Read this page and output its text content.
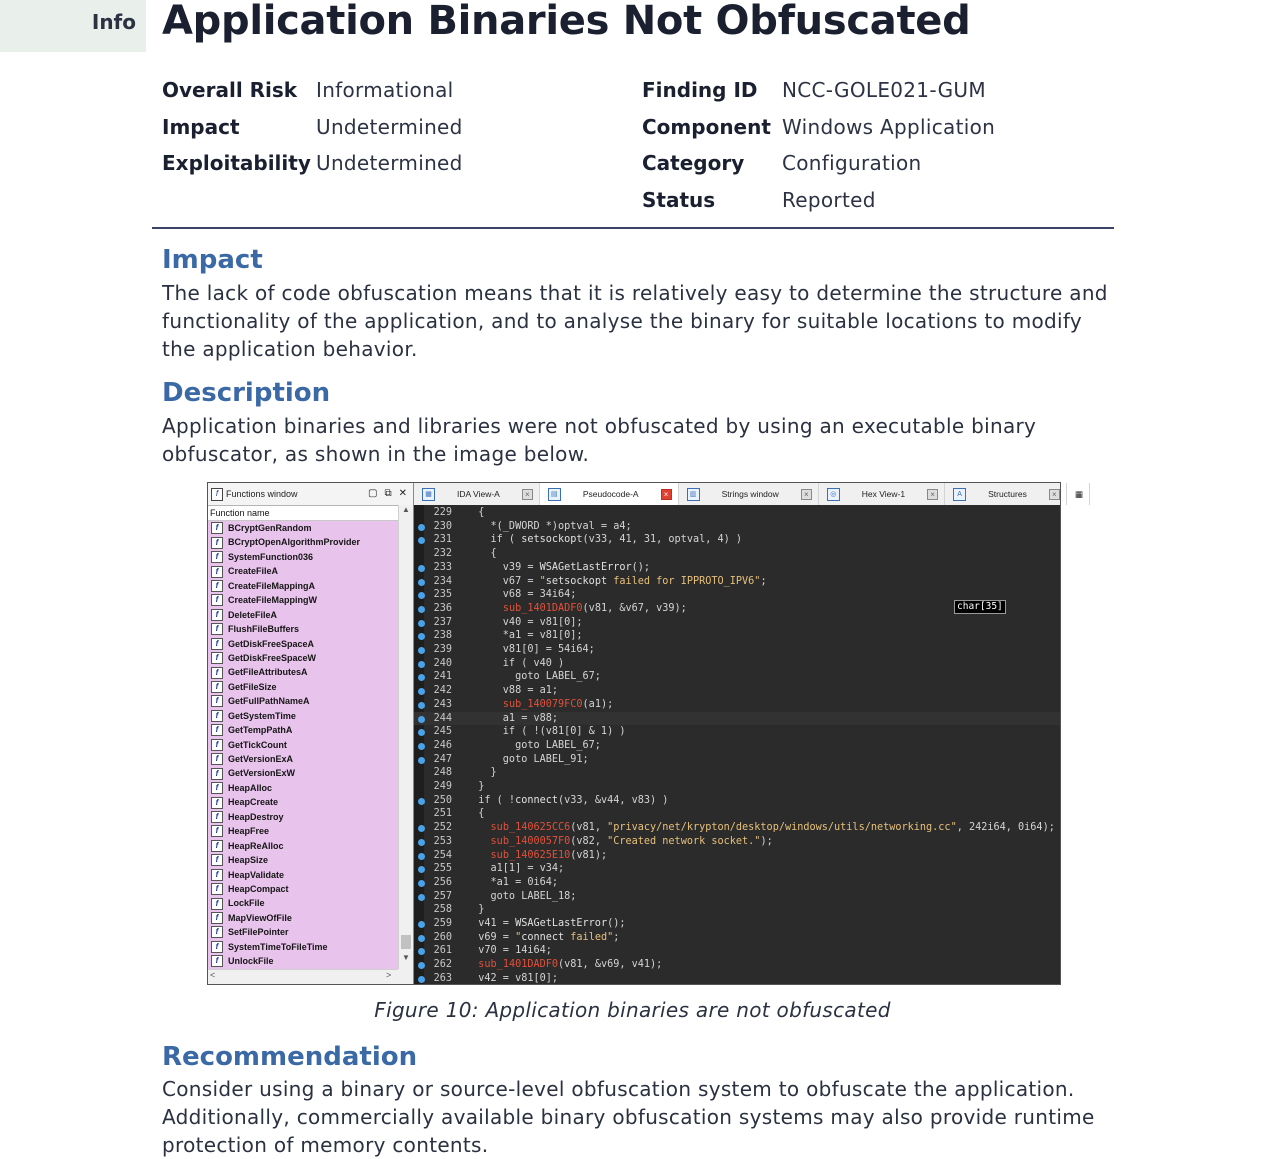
Info Application Binaries Not Obfuscated
Overall Risk Informational
Impact	Undetermined
Exploitability Undetermined
Finding ID	NCC-GOLE021-GUM
Component Windows Application
Category	Configuration
Status	Reported
Impact
The lack of code obfuscation means that it is relatively easy to determine the structure and functionality of the application, and to analyse the binary for suitable locations to modify the application behavior.
Description
Application binaries and libraries were not obfuscated by using an executable binary obfuscator, as shown in the image below.
f Functions window	▢ ⧉ ✕
Function name
f	BCryptGenRandom
f	BCryptOpenAlgorithmProvider
f	SystemFunction036
f	CreateFileA
f	CreateFileMappingA
f	CreateFileMappingW
f	DeleteFileA
f	FlushFileBuffers
f	GetDiskFreeSpaceA
f	GetDiskFreeSpaceW
f	GetFileAttributesA
f	GetFileSize
f	GetFullPathNameA
f	GetSystemTime
f	GetTempPathA
f	GetTickCount
f	GetVersionExA
f	GetVersionExW
f	HeapAlloc
f	HeapCreate
f	HeapDestroy
f	HeapFree
f	HeapReAlloc
f	HeapSize
f	HeapValidate
f	HeapCompact
f	LockFile
f	MapViewOfFile
f	SetFilePointer
f	SystemTimeToFileTime
f	UnlockFile
▲
▼
<	>
▦	IDA View-A	×	▤	Pseudocode-A	×	▥	Strings window	×	◎	Hex View-1	×	A	Structures	×	▦
229 {
230 *(_DWORD *)optval = a4;
231 if ( setsockopt(v33, 41, 31, optval, 4) )
232 {
233 v39 = WSAGetLastError();
234 v67 = "setsockopt failed for IPPROTO_IPV6";
235 v68 = 34i64;
236	sub_1401DADF0(v81, &v67, v39);
237 v40 = v81[0];
238 *a1 = v81[0];
239 v81[0] = 54i64;
240 if ( v40 )
241 goto LABEL_67;
242 v88 = a1;
243	sub_140079FC0(a1);
244 a1 = v88;
245 if ( !(v81[0] & 1) )
246 goto LABEL_67;
247 goto LABEL_91;
248 }
249 }
250 if ( !connect(v33, &v44, v83) )
251 {
252	sub_140625CC6(v81, "privacy/net/krypton/desktop/windows/utils/networking.cc", 242i64, 0i64);
253	sub_1400057F0(v82, "Created network socket.");
254	sub_140625E10(v81);
255 a1[1] = v34;
256 *a1 = 0i64;
257 goto LABEL_18;
258 }
259 v41 = WSAGetLastError();
260 v69 = "connect failed";
261 v70 = 14i64;
262	sub_1401DADF0(v81, &v69, v41);
263 v42 = v81[0];
char[35]
Figure 10: Application binaries are not obfuscated
Recommendation
Consider using a binary or source-level obfuscation system to obfuscate the application. Additionally, commercially available binary obfuscation systems may also provide runtime protection of memory contents.
